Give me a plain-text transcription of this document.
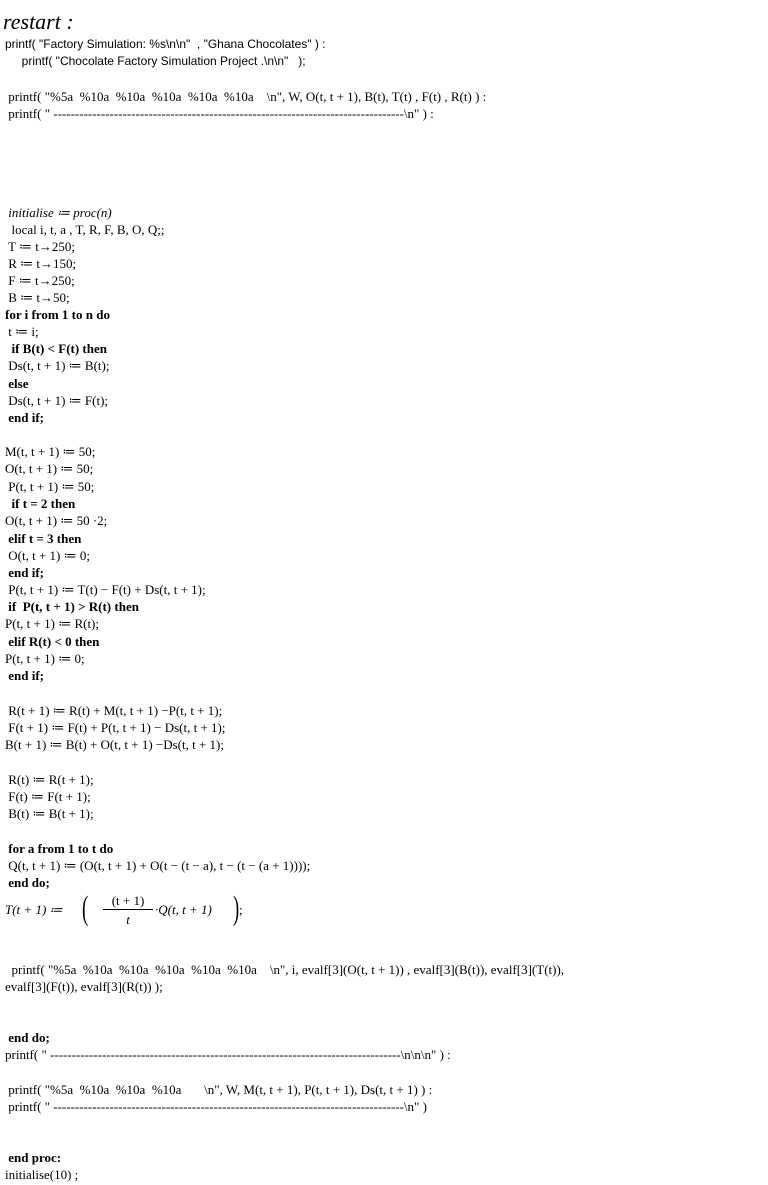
T(t + 1) ≔ (	(t + 1)
t
·Q(t, t + 1) ) ;
restart :
printf( "Factory Simulation: %s\n\n"  , "Ghana Chocolates" ) :
printf( "Chocolate Factory Simulation Project .\n\n"   );
printf( "%5a  %10a  %10a  %10a  %10a  %10a    \n", W, O(t, t + 1), B(t), T(t) , F(t) , R(t) ) :
printf( " ---------------------------------------------------------------------------------\n" ) :
initialise ≔ proc(n)
local i, t, a , T, R, F, B, O, Q;;
T ≔ t→250;
R ≔ t→150;
F ≔ t→250;
B ≔ t→50;
for i from 1 to n do
t ≔ i;
if B(t) < F(t) then
Ds(t, t + 1) ≔ B(t);
else
Ds(t, t + 1) ≔ F(t);
end if;
M(t, t + 1) ≔ 50;
O(t, t + 1) ≔ 50;
P(t, t + 1) ≔ 50;
if t = 2 then
O(t, t + 1) ≔ 50 ·2;
elif t = 3 then
O(t, t + 1) ≔ 0;
end if;
P(t, t + 1) ≔ T(t) − F(t) + Ds(t, t + 1);
if  P(t, t + 1) > R(t) then
P(t, t + 1) ≔ R(t);
elif R(t) < 0 then
P(t, t + 1) ≔ 0;
end if;
R(t + 1) ≔ R(t) + M(t, t + 1) −P(t, t + 1);
F(t + 1) ≔ F(t) + P(t, t + 1) − Ds(t, t + 1);
B(t + 1) ≔ B(t) + O(t, t + 1) −Ds(t, t + 1);
R(t) ≔ R(t + 1);
F(t) ≔ F(t + 1);
B(t) ≔ B(t + 1);
for a from 1 to t do
Q(t, t + 1) ≔ (O(t, t + 1) + O(t − (t − a), t − (t − (a + 1))));
end do;
printf( "%5a  %10a  %10a  %10a  %10a  %10a    \n", i, evalf[3](O(t, t + 1)) , evalf[3](B(t)), evalf[3](T(t)),
evalf[3](F(t)), evalf[3](R(t)) );
end do;
printf( " ---------------------------------------------------------------------------------\n\n\n" ) :
printf( "%5a  %10a  %10a  %10a       \n", W, M(t, t + 1), P(t, t + 1), Ds(t, t + 1) ) :
printf( " ---------------------------------------------------------------------------------\n" )
end proc:
initialise(10) ;
